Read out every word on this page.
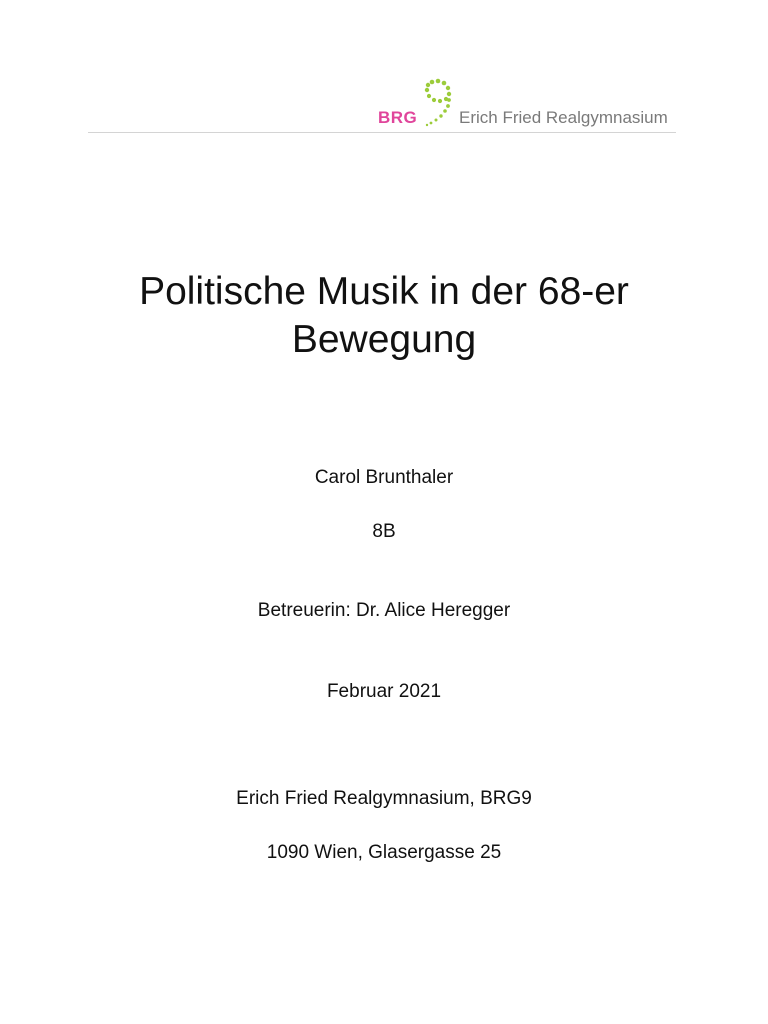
BRG Erich Fried Realgymnasium
Politische Musik in der 68-er
Bewegung
Carol Brunthaler
8B
Betreuerin: Dr. Alice Heregger
Februar 2021
Erich Fried Realgymnasium, BRG9
1090 Wien, Glasergasse 25
